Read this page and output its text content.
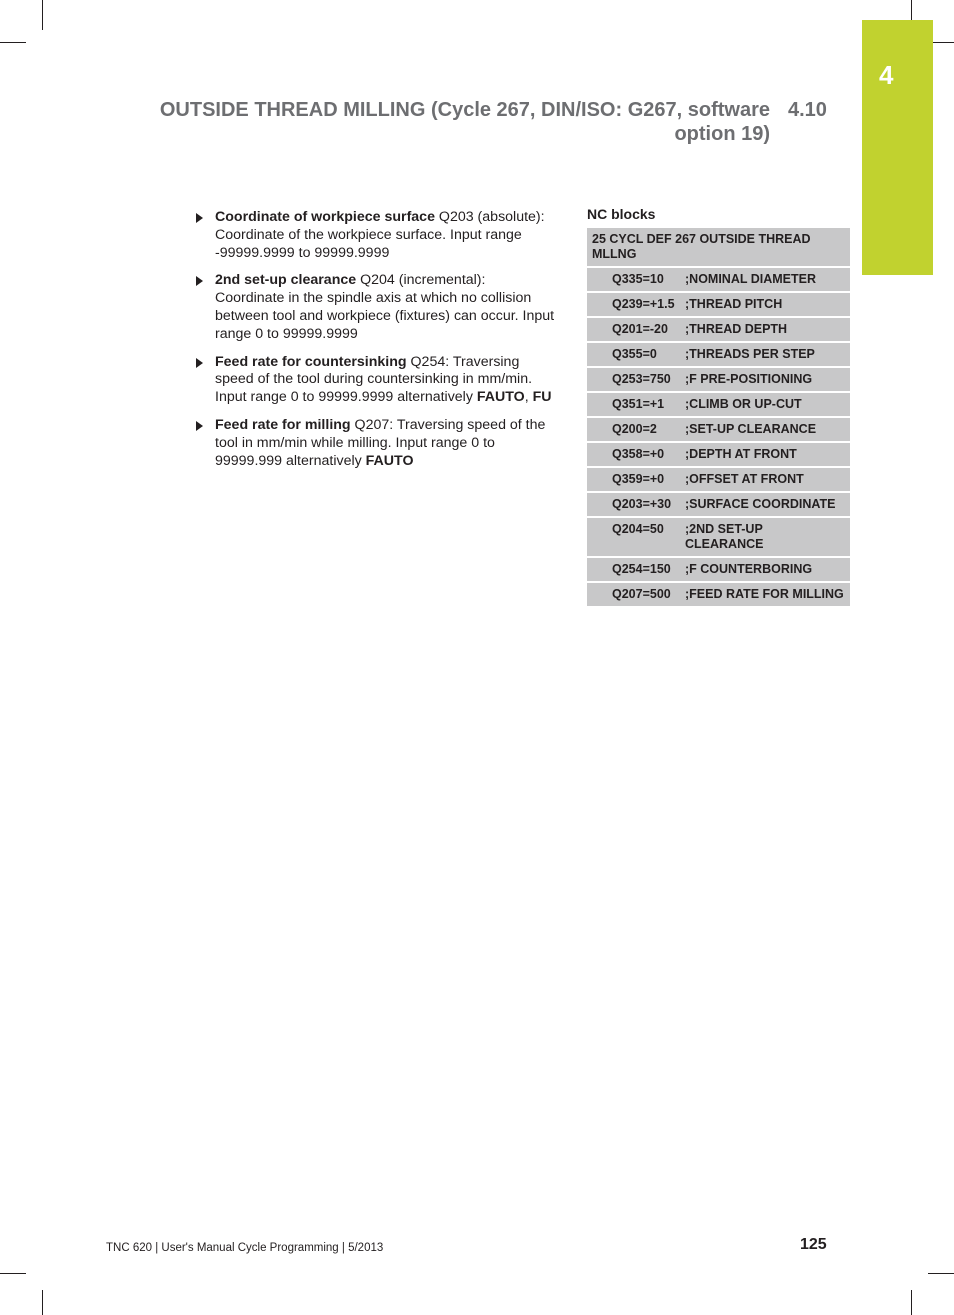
4
OUTSIDE THREAD MILLING (Cycle 267, DIN/ISO: G267, software option 19)
4.10
Coordinate of workpiece surface Q203 (absolute): Coordinate of the workpiece surface. Input range -99999.9999 to 99999.9999
2nd set-up clearance Q204 (incremental): Coordinate in the spindle axis at which no collision between tool and workpiece (fixtures) can occur. Input range 0 to 99999.9999
Feed rate for countersinking Q254: Traversing speed of the tool during countersinking in mm/min. Input range 0 to 99999.9999 alternatively FAUTO, FU
Feed rate for milling Q207: Traversing speed of the tool in mm/min while milling. Input range 0 to 99999.999 alternatively FAUTO
NC blocks
25 CYCL DEF 267 OUTSIDE THREAD MLLNG
Q335=10	;NOMINAL DIAMETER
Q239=+1.5 ;THREAD PITCH
Q201=-20	;THREAD DEPTH
Q355=0	;THREADS PER STEP
Q253=750	;F PRE-POSITIONING
Q351=+1	;CLIMB OR UP-CUT
Q200=2	;SET-UP CLEARANCE
Q358=+0	;DEPTH AT FRONT
Q359=+0	;OFFSET AT FRONT
Q203=+30	;SURFACE COORDINATE
Q204=50	;2ND SET-UP CLEARANCE
Q254=150	;F COUNTERBORING
Q207=500	;FEED RATE FOR MILLING
TNC 620 | User's Manual Cycle Programming | 5/2013	125
